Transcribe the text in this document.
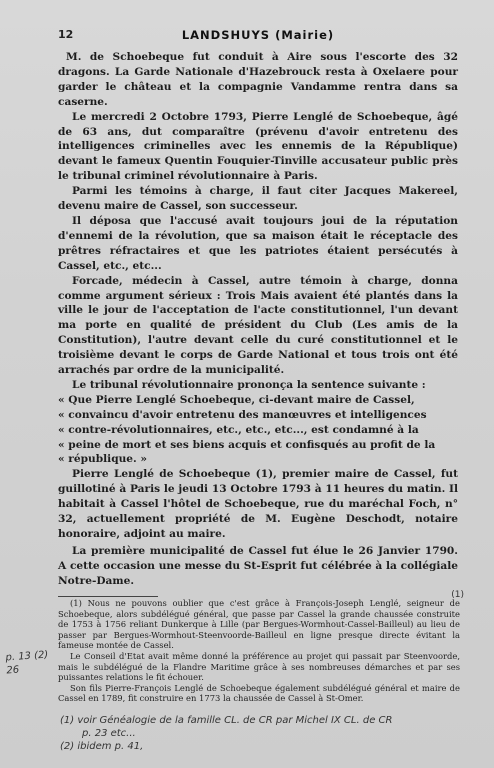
12	LANDSHUYS (Mairie)

M. de Schoebeque fut conduit à Aire sous l'escorte des 32 dragons. La Garde Nationale d'Hazebrouck resta à Oxelaere pour garder le château et la compagnie Vandamme rentra dans sa caserne.

Le mercredi 2 Octobre 1793, Pierre Lenglé de Schoebeque, âgé de 63 ans, dut comparaître (prévenu d'avoir entretenu des intelligences criminelles avec les ennemis de la République) devant le fameux Quentin Fouquier-Tinville accusateur public près le tribunal criminel révolutionnaire à Paris.

Parmi les témoins à charge, il faut citer Jacques Makereel, devenu maire de Cassel, son successeur.

Il déposa que l'accusé avait toujours joui de la réputation d'ennemi de la révolution, que sa maison était le réceptacle des prêtres réfractaires et que les patriotes étaient persécutés à Cassel, etc., etc...

Forcade, médecin à Cassel, autre témoin à charge, donna comme argument sérieux : Trois Mais avaient été plantés dans la ville le jour de l'acceptation de l'acte constitutionnel, l'un devant ma porte en qualité de président du Club (Les amis de la Constitution), l'autre devant celle du curé constitutionnel et le troisième devant le corps de Garde National et tous trois ont été arrachés par ordre de la municipalité.

Le tribunal révolutionnaire prononça la sentence suivante :

« Que Pierre Lenglé Schoebeque, ci-devant maire de Cassel,

« convaincu d'avoir entretenu des manœuvres et intelligences

« contre-révolutionnaires, etc., etc., etc..., est condamné à la

« peine de mort et ses biens acquis et confisqués au profit de la

« république. »

Pierre Lenglé de Schoebeque (1), premier maire de Cassel, fut guillotiné à Paris le jeudi 13 Octobre 1793 à 11 heures du matin. Il habitait à Cassel l'hôtel de Schoebeque, rue du maréchal Foch, n° 32, actuellement propriété de M. Eugène Deschodt, notaire honoraire, adjoint au maire.

La première municipalité de Cassel fut élue le 26 Janvier 1790. A cette occasion une messe du St-Esprit fut célébrée à la collégiale Notre-Dame.

(1)

(1) Nous ne pouvons oublier que c'est grâce à François-Joseph Lenglé, seigneur de Schoebeque, alors subdélégué général, que passe par Cassel la grande chaussée construite de 1753 à 1756 reliant Dunkerque à Lille (par Bergues-Wormhout-Cassel-Bailleul) au lieu de passer par Bergues-Wormhout-Steenvoorde-Bailleul en ligne presque directe évitant la fameuse montée de Cassel.

Le Conseil d'Etat avait même donné la préférence au projet qui passait par Steenvoorde, mais le subdélégué de la Flandre Maritime grâce à ses nombreuses démarches et par ses puissantes relations le fit échouer.

Son fils Pierre-François Lenglé de Schoebeque également subdélégué général et maire de Cassel en 1789, fit construire en 1773 la chaussée de Cassel à St-Omer.

p. 13 (2)
26
(1) voir Généalogie de la famille CL. de CR par Michel IX CL. de CR
p. 23 etc...
(2) ibidem p. 41,
